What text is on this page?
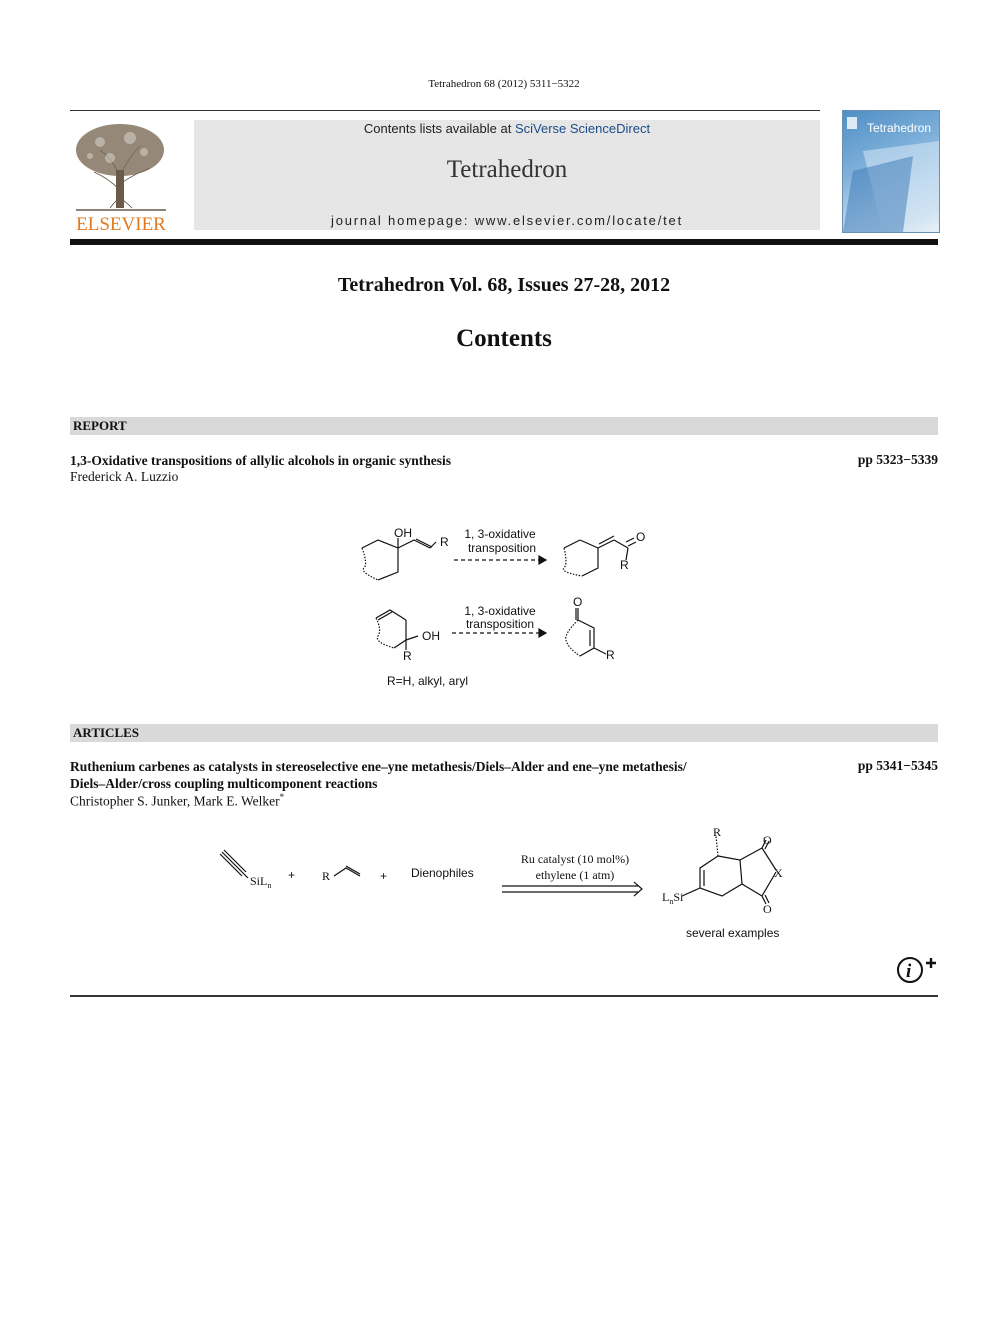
Tetrahedron 68 (2012) 5311−5322
ELSEVIER
Contents lists available at SciVerse ScienceDirect
Tetrahedron
journal homepage: www.elsevier.com/locate/tet
Tetrahedron
Tetrahedron Vol. 68, Issues 27-28, 2012
Contents
REPORT
1,3-Oxidative transpositions of allylic alcohols in organic synthesis	pp 5323−5339
Frederick A. Luzzio
OH
R
1, 3-oxidative
transposition
O
R
O
OH
R
1, 3-oxidative
transposition
R
R=H, alkyl, aryl
ARTICLES
Ruthenium carbenes as catalysts in stereoselective ene–yne metathesis/Diels–Alder and ene–yne metathesis/
Diels–Alder/cross coupling multicomponent reactions
pp 5341−5345
Christopher S. Junker, Mark E. Welker*
SiL$_n$
+ R	+ Dienophiles
Ru catalyst (10 mol%)
ethylene (1 atm)
R
O
X
O
$L_nSi$
several examples
i
